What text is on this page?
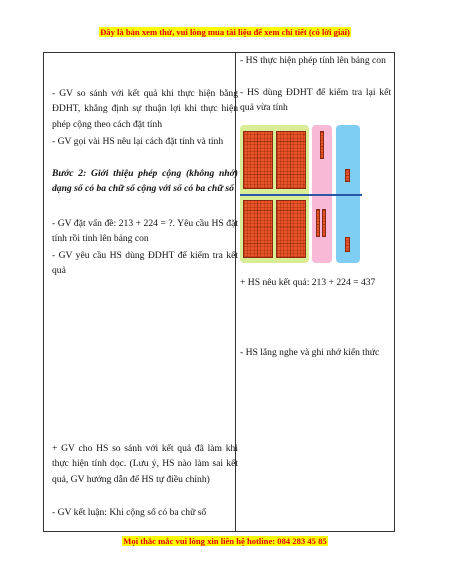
Đây là bản xem thử, vui lòng mua tài liệu để xem chi tiết (có lời giải)
- GV so sánh với kết quả khi thực hiện bằng ĐDHT, khẳng định sự thuận lợi khi thực hiện phép cộng theo cách đặt tính
- GV gọi vài HS nêu lại cách đặt tính và tính
Bước 2: Giới thiệu phép cộng (không nhớ) dạng số có ba chữ số cộng với số có ba chữ số
- GV đặt vấn đề: 213 + 224 = ?. Yêu cầu HS đặt tính rồi tính lên bảng con
- GV yêu cầu HS dùng ĐDHT để kiểm tra kết quả
+ GV cho HS so sánh với kết quả đã làm khi thực hiện tính dọc. (Lưu ý, HS nào làm sai kết quả, GV hướng dẫn để HS tự điều chỉnh)
- GV kết luận: Khi cộng số có ba chữ số

- HS thực hiện phép tính lên bảng con
- HS dùng ĐDHT để kiểm tra lại kết quả vừa tính
+ HS nêu kết quả: 213 + 224 = 437
- HS lắng nghe và ghi nhớ kiến thức
Mọi thắc mắc vui lòng xin liên hệ hotline: 084 283 45 85
